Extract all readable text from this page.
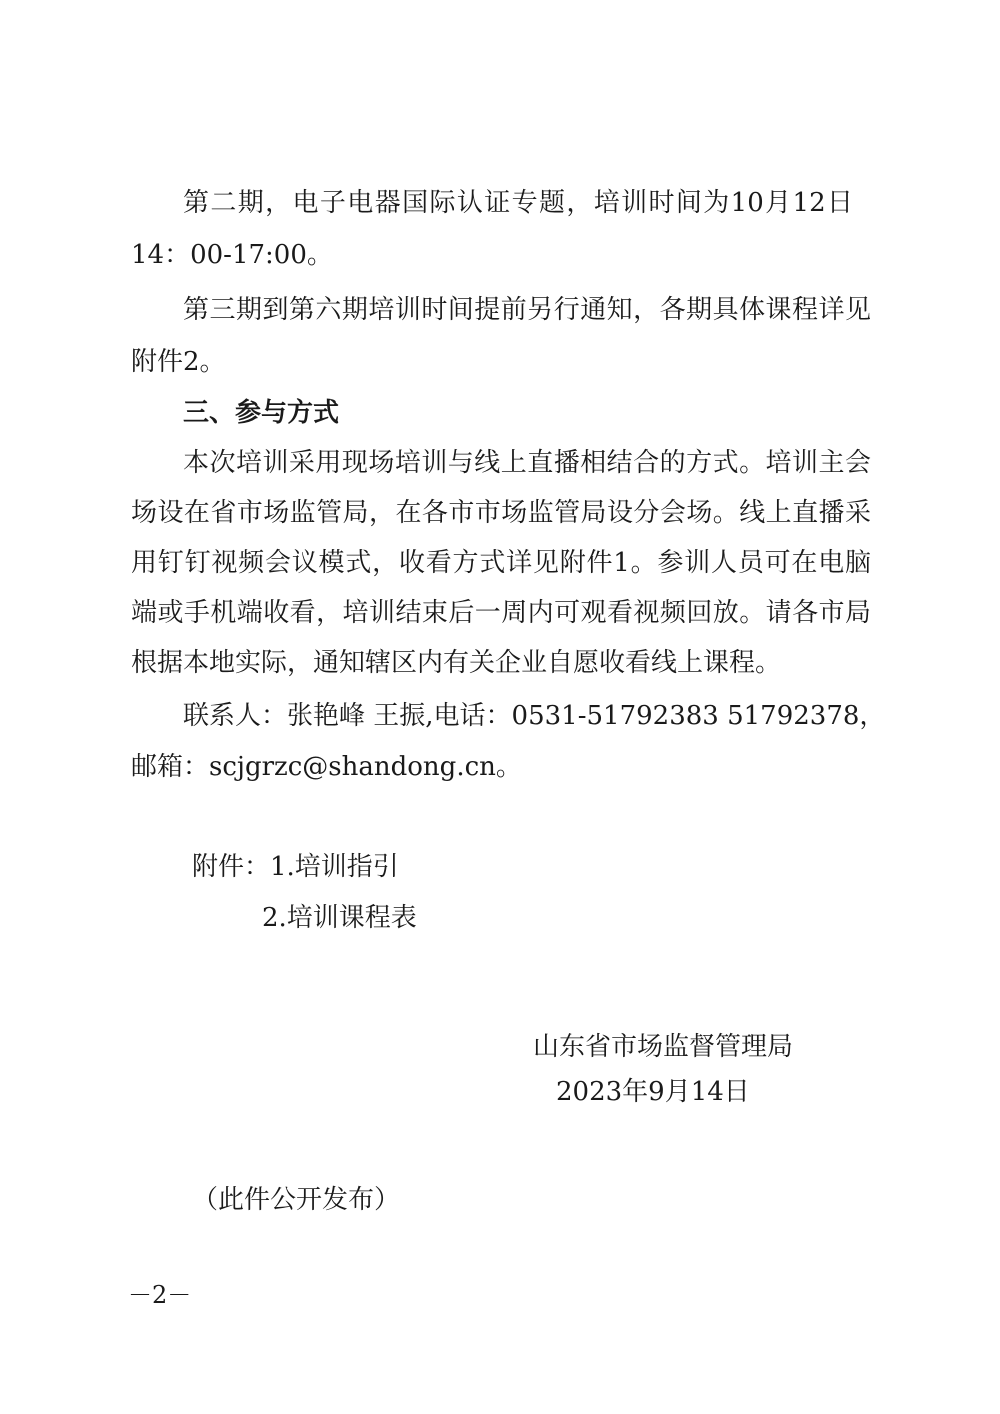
第二期，电子电器国际认证专题，培训时间为10月12日
14：00-17:00。
第三期到第六期培训时间提前另行通知，各期具体课程详见
附件2。
三、参与方式
本次培训采用现场培训与线上直播相结合的方式。培训主会
场设在省市场监管局，在各市市场监管局设分会场。线上直播采
用钉钉视频会议模式，收看方式详见附件1。参训人员可在电脑
端或手机端收看，培训结束后一周内可观看视频回放。请各市局
根据本地实际，通知辖区内有关企业自愿收看线上课程。
联系人：张艳峰 王振,电话：0531-51792383 51792378，
邮箱：scjgrzc@shandong.cn。
附件：1.培训指引
2.培训课程表
山东省市场监督管理局
2023年9月14日
（此件公开发布）
－2－
